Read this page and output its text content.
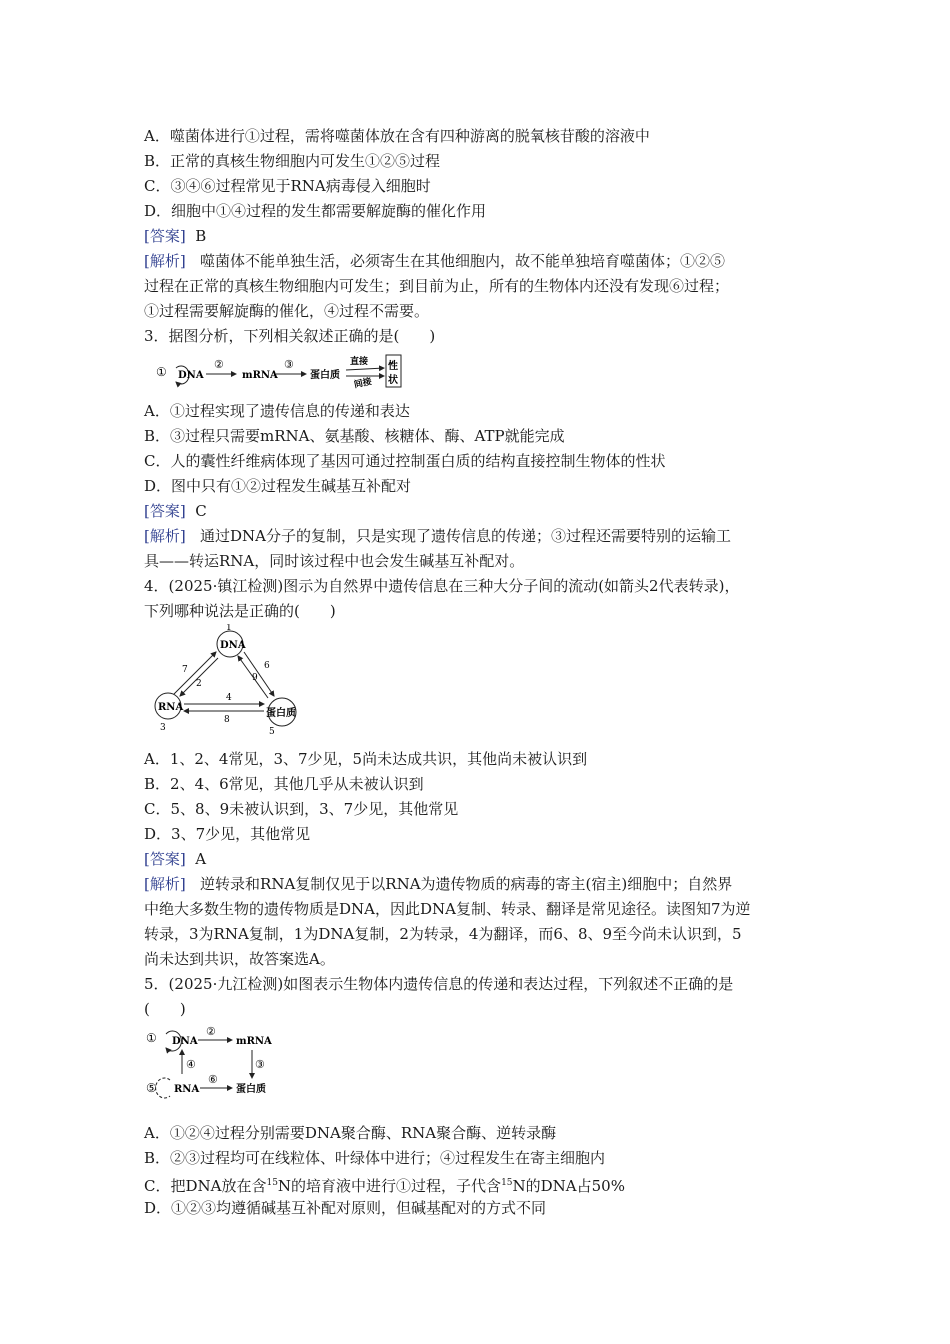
A．噬菌体进行①过程，需将噬菌体放在含有四种游离的脱氧核苷酸的溶液中
B．正常的真核生物细胞内可发生①②⑤过程
C．③④⑥过程常见于RNA病毒侵入细胞时
D．细胞中①④过程的发生都需要解旋酶的催化作用
[答案] B
[解析] 噬菌体不能单独生活，必须寄生在其他细胞内，故不能单独培育噬菌体；①②⑤
过程在正常的真核生物细胞内可发生；到目前为止，所有的生物体内还没有发现⑥过程；
①过程需要解旋酶的催化，④过程不需要。
3．据图分析，下列相关叙述正确的是(　　)
① DNA
②
mRNA
③
蛋白质
直接
间接
性
状
A．①过程实现了遗传信息的传递和表达
B．③过程只需要mRNA、氨基酸、核糖体、酶、ATP就能完成
C．人的囊性纤维病体现了基因可通过控制蛋白质的结构直接控制生物体的性状
D．图中只有①②过程发生碱基互补配对
[答案] C
[解析] 通过DNA分子的复制，只是实现了遗传信息的传递；③过程还需要特别的运输工
具——转运RNA，同时该过程中也会发生碱基互补配对。
4．(2025·镇江检测)图示为自然界中遗传信息在三种大分子间的流动(如箭头2代表转录)，
下列哪种说法是正确的(　　)
DNA
1
RNA
3
蛋白质
5
7
2
6
9
4
8
A．1、2、4常见，3、7少见，5尚未达成共识，其他尚未被认识到
B．2、4、6常见，其他几乎从未被认识到
C．5、8、9未被认识到，3、7少见，其他常见
D．3、7少见，其他常见
[答案] A
[解析] 逆转录和RNA复制仅见于以RNA为遗传物质的病毒的寄主(宿主)细胞中；自然界
中绝大多数生物的遗传物质是DNA，因此DNA复制、转录、翻译是常见途径。读图知7为逆
转录，3为RNA复制，1为DNA复制，2为转录，4为翻译，而6、8、9至今尚未认识到，5
尚未达到共识，故答案选A。
5．(2025·九江检测)如图表示生物体内遗传信息的传递和表达过程，下列叙述不正确的是
(　　)
① DNA
②
mRNA
③
④
⑤ RNA
⑥
蛋白质
A．①②④过程分别需要DNA聚合酶、RNA聚合酶、逆转录酶
B．②③过程均可在线粒体、叶绿体中进行；④过程发生在寄主细胞内
C．把DNA放在含$^{15}$N的培育液中进行①过程，子代含$^{15}$N的DNA占50%
D．①②③均遵循碱基互补配对原则，但碱基配对的方式不同
